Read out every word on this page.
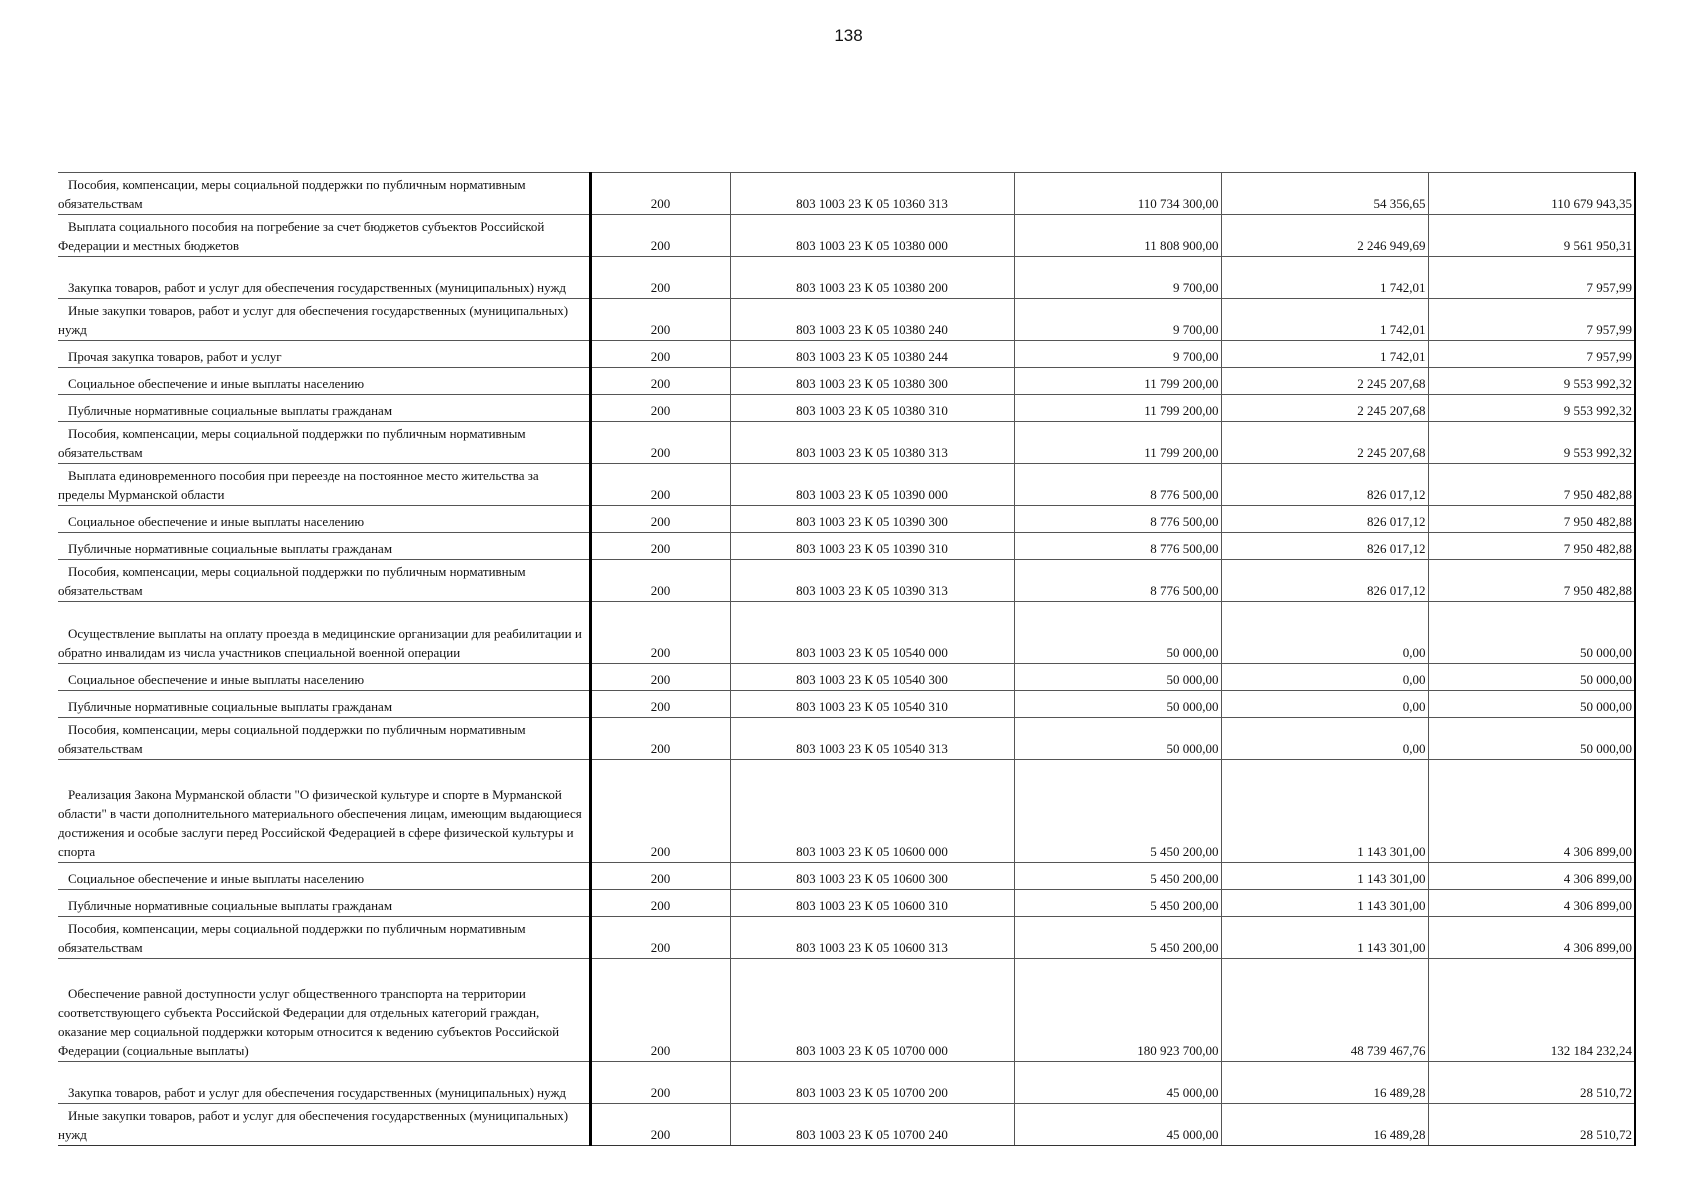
138
Пособия, компенсации, меры социальной поддержки по публичным нормативным обязательствам	200	803 1003 23 К 05 10360 313	110 734 300,00	54 356,65	110 679 943,35
Выплата социального пособия на погребение за счет бюджетов субъектов Российской Федерации и местных бюджетов	200	803 1003 23 К 05 10380 000	11 808 900,00	2 246 949,69	9 561 950,31
Закупка товаров, работ и услуг для обеспечения государственных (муниципальных) нужд	200	803 1003 23 К 05 10380 200	9 700,00	1 742,01	7 957,99
Иные закупки товаров, работ и услуг для обеспечения государственных (муниципальных) нужд	200	803 1003 23 К 05 10380 240	9 700,00	1 742,01	7 957,99
Прочая закупка товаров, работ и услуг	200	803 1003 23 К 05 10380 244	9 700,00	1 742,01	7 957,99
Социальное обеспечение и иные выплаты населению	200	803 1003 23 К 05 10380 300	11 799 200,00	2 245 207,68	9 553 992,32
Публичные нормативные социальные выплаты гражданам	200	803 1003 23 К 05 10380 310	11 799 200,00	2 245 207,68	9 553 992,32
Пособия, компенсации, меры социальной поддержки по публичным нормативным обязательствам	200	803 1003 23 К 05 10380 313	11 799 200,00	2 245 207,68	9 553 992,32
Выплата единовременного пособия при переезде на постоянное место жительства за пределы Мурманской области	200	803 1003 23 К 05 10390 000	8 776 500,00	826 017,12	7 950 482,88
Социальное обеспечение и иные выплаты населению	200	803 1003 23 К 05 10390 300	8 776 500,00	826 017,12	7 950 482,88
Публичные нормативные социальные выплаты гражданам	200	803 1003 23 К 05 10390 310	8 776 500,00	826 017,12	7 950 482,88
Пособия, компенсации, меры социальной поддержки по публичным нормативным обязательствам	200	803 1003 23 К 05 10390 313	8 776 500,00	826 017,12	7 950 482,88
Осуществление выплаты на оплату проезда в медицинские организации для реабилитации и обратно инвалидам из числа участников специальной военной операции	200	803 1003 23 К 05 10540 000	50 000,00	0,00	50 000,00
Социальное обеспечение и иные выплаты населению	200	803 1003 23 К 05 10540 300	50 000,00	0,00	50 000,00
Публичные нормативные социальные выплаты гражданам	200	803 1003 23 К 05 10540 310	50 000,00	0,00	50 000,00
Пособия, компенсации, меры социальной поддержки по публичным нормативным обязательствам	200	803 1003 23 К 05 10540 313	50 000,00	0,00	50 000,00
Реализация Закона Мурманской области "О физической культуре и спорте в Мурманской области" в части дополнительного материального обеспечения лицам, имеющим выдающиеся достижения и особые заслуги перед Российской Федерацией в сфере физической культуры и спорта	200	803 1003 23 К 05 10600 000	5 450 200,00	1 143 301,00	4 306 899,00
Социальное обеспечение и иные выплаты населению	200	803 1003 23 К 05 10600 300	5 450 200,00	1 143 301,00	4 306 899,00
Публичные нормативные социальные выплаты гражданам	200	803 1003 23 К 05 10600 310	5 450 200,00	1 143 301,00	4 306 899,00
Пособия, компенсации, меры социальной поддержки по публичным нормативным обязательствам	200	803 1003 23 К 05 10600 313	5 450 200,00	1 143 301,00	4 306 899,00
Обеспечение равной доступности услуг общественного транспорта на территории соответствующего субъекта Российской Федерации для отдельных категорий граждан, оказание мер социальной поддержки которым относится к ведению субъектов Российской Федерации (социальные выплаты)	200	803 1003 23 К 05 10700 000	180 923 700,00	48 739 467,76	132 184 232,24
Закупка товаров, работ и услуг для обеспечения государственных (муниципальных) нужд	200	803 1003 23 К 05 10700 200	45 000,00	16 489,28	28 510,72
Иные закупки товаров, работ и услуг для обеспечения государственных (муниципальных) нужд	200	803 1003 23 К 05 10700 240	45 000,00	16 489,28	28 510,72
